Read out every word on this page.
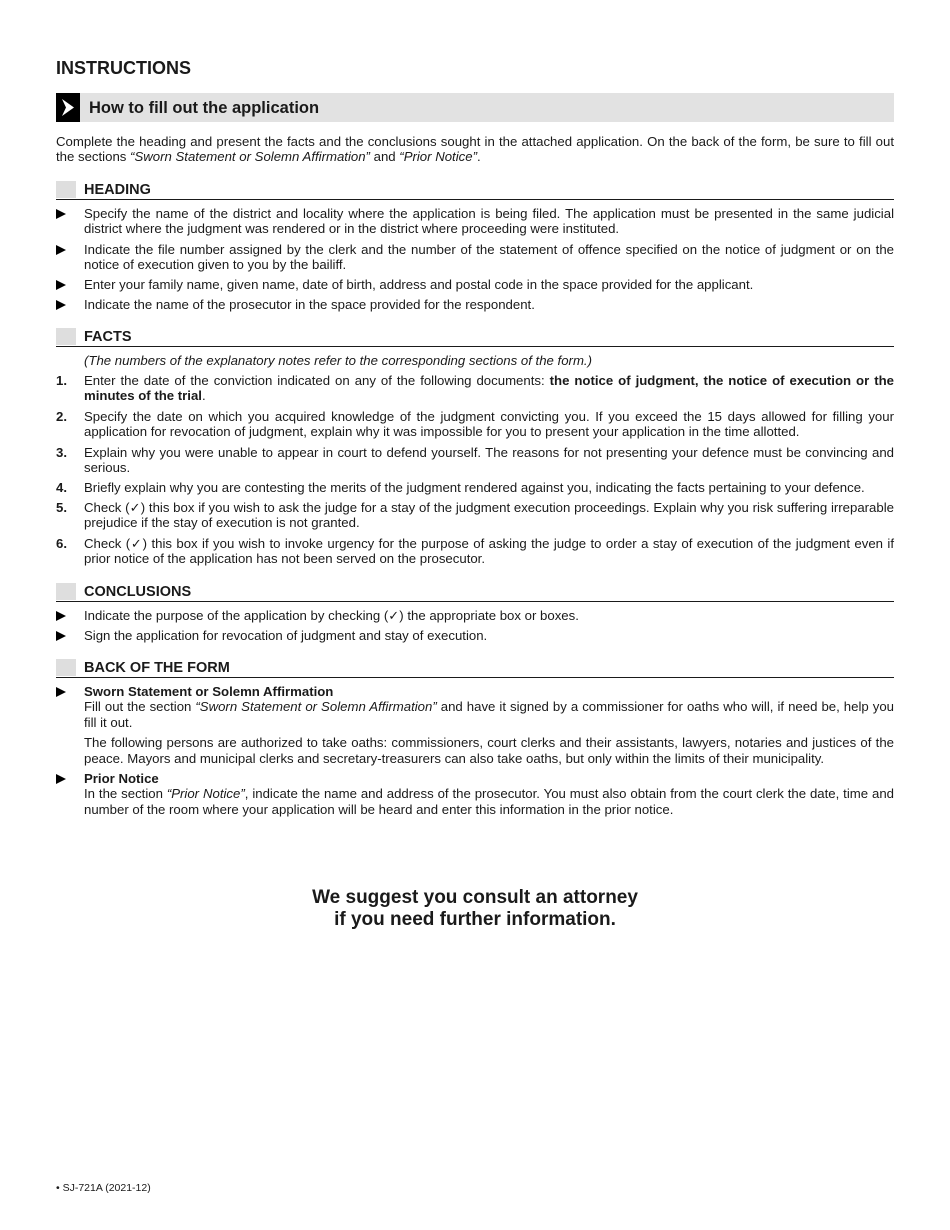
INSTRUCTIONS
How to fill out the application
Complete the heading and present the facts and the conclusions sought in the attached application. On the back of the form, be sure to fill out the sections “Sworn Statement or Solemn Affirmation” and “Prior Notice”.
HEADING
Specify the name of the district and locality where the application is being filed. The application must be presented in the same judicial district where the judgment was rendered or in the district where proceeding were instituted.
Indicate the file number assigned by the clerk and the number of the statement of offence specified on the notice of judgment or on the notice of execution given to you by the bailiff.
Enter your family name, given name, date of birth, address and postal code in the space provided for the applicant.
Indicate the name of the prosecutor in the space provided for the respondent.
FACTS
(The numbers of the explanatory notes refer to the corresponding sections of the form.)
1. Enter the date of the conviction indicated on any of the following documents: the notice of judgment, the notice of execution or the minutes of the trial.
2. Specify the date on which you acquired knowledge of the judgment convicting you. If you exceed the 15 days allowed for filling your application for revocation of judgment, explain why it was impossible for you to present your application in the time allotted.
3. Explain why you were unable to appear in court to defend yourself. The reasons for not presenting your defence must be convincing and serious.
4. Briefly explain why you are contesting the merits of the judgment rendered against you, indicating the facts pertaining to your defence.
5. Check (✓) this box if you wish to ask the judge for a stay of the judgment execution proceedings. Explain why you risk suffering irreparable prejudice if the stay of execution is not granted.
6. Check (✓) this box if you wish to invoke urgency for the purpose of asking the judge to order a stay of execution of the judgment even if prior notice of the application has not been served on the prosecutor.
CONCLUSIONS
Indicate the purpose of the application by checking (✓) the appropriate box or boxes.
Sign the application for revocation of judgment and stay of execution.
BACK OF THE FORM
Sworn Statement or Solemn Affirmation
Fill out the section “Sworn Statement or Solemn Affirmation” and have it signed by a commissioner for oaths who will, if need be, help you fill it out.
The following persons are authorized to take oaths: commissioners, court clerks and their assistants, lawyers, notaries and justices of the peace. Mayors and municipal clerks and secretary-treasurers can also take oaths, but only within the limits of their municipality.
Prior Notice
In the section “Prior Notice”, indicate the name and address of the prosecutor. You must also obtain from the court clerk the date, time and number of the room where your application will be heard and enter this information in the prior notice.
We suggest you consult an attorney
if you need further information.
• SJ-721A (2021-12)
